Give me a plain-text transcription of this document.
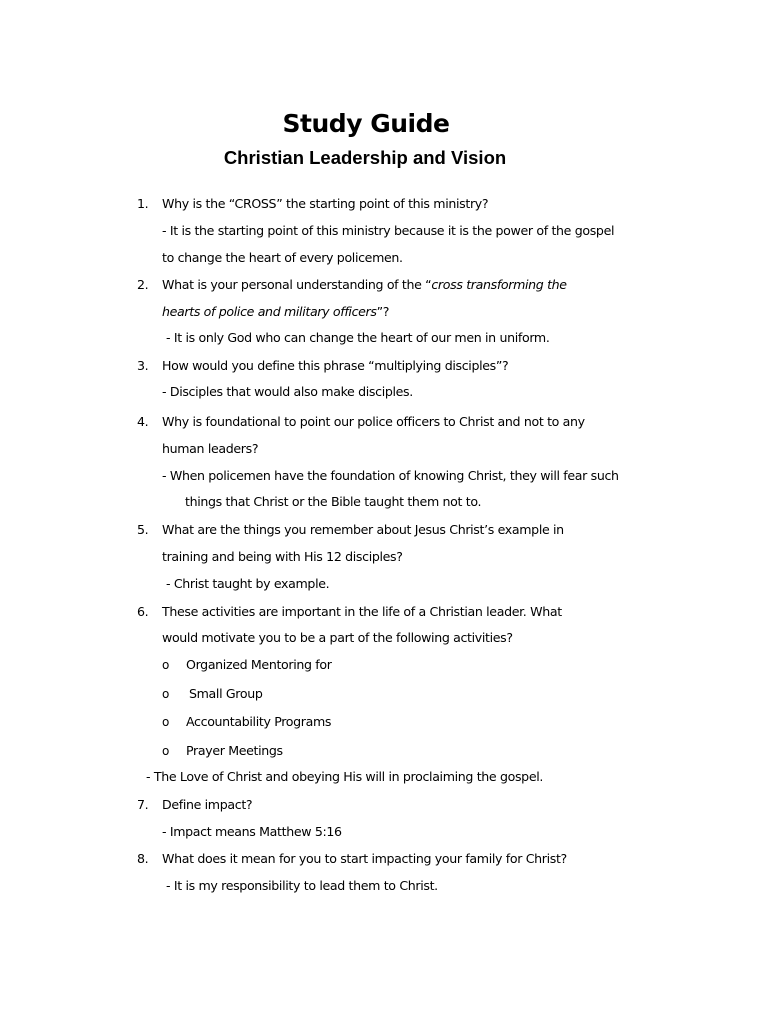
Study Guide
Christian Leadership and Vision
1. Why is the “CROSS” the starting point of this ministry?
- It is the starting point of this ministry because it is the power of the gospel
to change the heart of every policemen.
2. What is your personal understanding of the “cross transforming the
hearts of police and military officers”?
- It is only God who can change the heart of our men in uniform.
3. How would you define this phrase “multiplying disciples”?
- Disciples that would also make disciples.
4. Why is foundational to point our police officers to Christ and not to any
human leaders?
- When policemen have the foundation of knowing Christ, they will fear such
things that Christ or the Bible taught them not to.
5. What are the things you remember about Jesus Christ’s example in
training and being with His 12 disciples?
- Christ taught by example.
6. These activities are important in the life of a Christian leader. What
would motivate you to be a part of the following activities?
o Organized Mentoring for
o Small Group
o Accountability Programs
o Prayer Meetings
- The Love of Christ and obeying His will in proclaiming the gospel.
7. Define impact?
- Impact means Matthew 5:16
8. What does it mean for you to start impacting your family for Christ?
- It is my responsibility to lead them to Christ.
